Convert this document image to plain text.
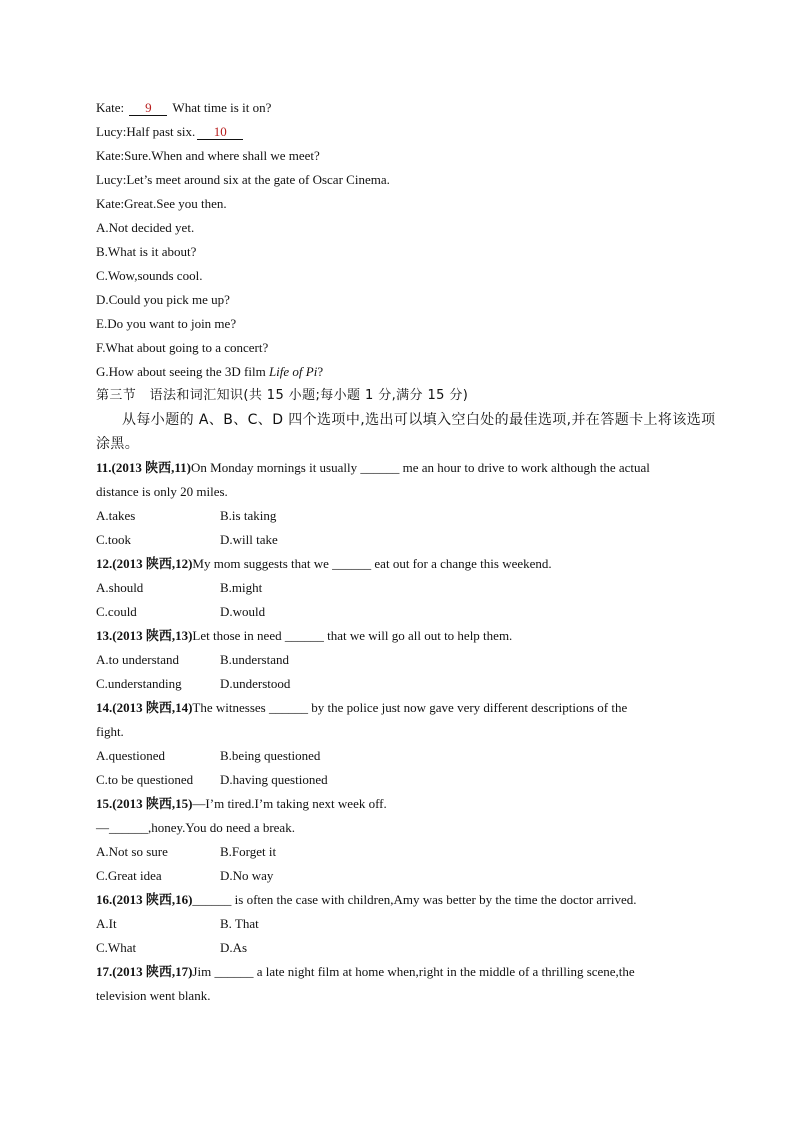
Kate: 9 What time is it on?
Lucy:Half past six. 10
Kate:Sure.When and where shall we meet?
Lucy:Let’s meet around six at the gate of Oscar Cinema.
Kate:Great.See you then.
A.Not decided yet.
B.What is it about?
C.Wow,sounds cool.
D.Could you pick me up?
E.Do you want to join me?
F.What about going to a concert?
G.How about seeing the 3D film Life of Pi?
第三节　语法和词汇知识(共 15 小题;每小题 1 分,满分 15 分)
从每小题的 A、B、C、D 四个选项中,选出可以填入空白处的最佳选项,并在答题卡上将该选项
涂黑。
11.(2013 陕西,11)On Monday mornings it usually ______ me an hour to drive to work although the actual
distance is only 20 miles.
A.takes	B.is taking
C.took	D.will take
12.(2013 陕西,12)My mom suggests that we ______ eat out for a change this weekend.
A.should	B.might
C.could	D.would
13.(2013 陕西,13)Let those in need ______ that we will go all out to help them.
A.to understand	B.understand
C.understanding	D.understood
14.(2013 陕西,14)The witnesses ______ by the police just now gave very different descriptions of the
fight.
A.questioned	B.being questioned
C.to be questioned D.having questioned
15.(2013 陕西,15)—I’m tired.I’m taking next week off.
—______,honey.You do need a break.
A.Not so sure	B.Forget it
C.Great idea	D.No way
16.(2013 陕西,16)______ is often the case with children,Amy was better by the time the doctor arrived.
A.It	B. That
C.What	D.As
17.(2013 陕西,17)Jim ______ a late night film at home when,right in the middle of a thrilling scene,the
television went blank.
